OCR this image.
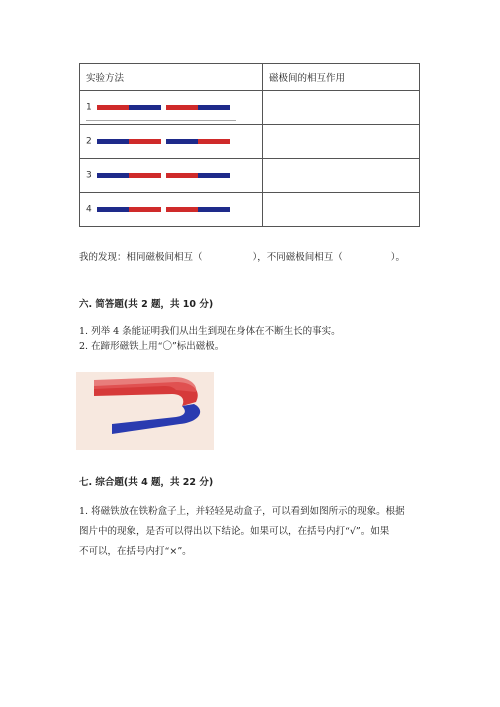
实验方法	磁极间的相互作用

1	

2	

3	

4	

我的发现：相同磁极间相互（	），不同磁极间相互（	）。
六. 简答题(共 2 题，共 10 分)
1. 列举 4 条能证明我们从出生到现在身体在不断生长的事实。
2. 在蹄形磁铁上用“〇”标出磁极。
七. 综合题(共 4 题，共 22 分)
1. 将磁铁放在铁粉盒子上，并轻轻晃动盒子，可以看到如图所示的现象。根据
图片中的现象，是否可以得出以下结论。如果可以，在括号内打“√”。如果
不可以，在括号内打“×”。
